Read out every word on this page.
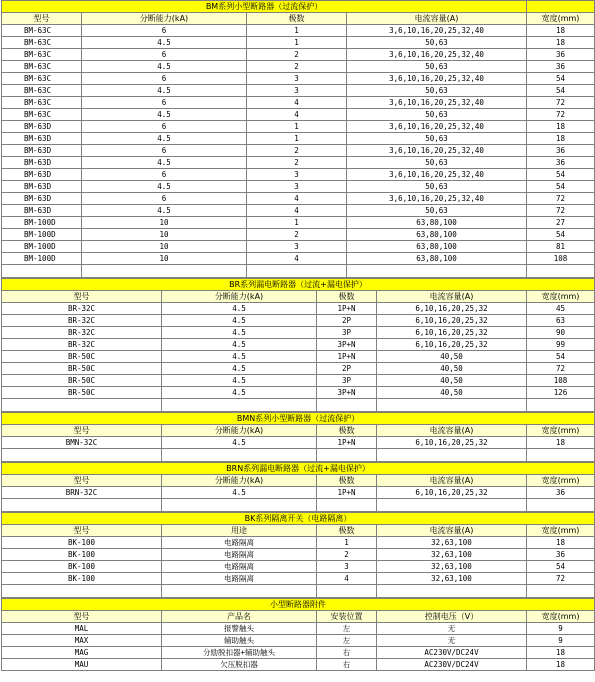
BM系列小型断路器（过流保护）				
型号	分断能力(kA)	极数	电流容量(A)	宽度(mm)
BM-63C	6	1	3,6,10,16,20,25,32,40	18
BM-63C	4.5	1	50,63	18
BM-63C	6	2	3,6,10,16,20,25,32,40	36
BM-63C	4.5	2	50,63	36
BM-63C	6	3	3,6,10,16,20,25,32,40	54
BM-63C	4.5	3	50,63	54
BM-63C	6	4	3,6,10,16,20,25,32,40	72
BM-63C	4.5	4	50,63	72
BM-63D	6	1	3,6,10,16,20,25,32,40	18
BM-63D	4.5	1	50,63	18
BM-63D	6	2	3,6,10,16,20,25,32,40	36
BM-63D	4.5	2	50,63	36
BM-63D	6	3	3,6,10,16,20,25,32,40	54
BM-63D	4.5	3	50,63	54
BM-63D	6	4	3,6,10,16,20,25,32,40	72
BM-63D	4.5	4	50,63	72
BM-100D	10	1	63,80,100	27
BM-100D	10	2	63,80,100	54
BM-100D	10	3	63,80,100	81
BM-100D	10	4	63,80,100	108

BR系列漏电断路器（过流+漏电保护）				
型号	分断能力(kA)	极数	电流容量(A)	宽度(mm)
BR-32C	4.5	1P+N	6,10,16,20,25,32	45
BR-32C	4.5	2P	6,10,16,20,25,32	63
BR-32C	4.5	3P	6,10,16,20,25,32	90
BR-32C	4.5	3P+N	6,10,16,20,25,32	99
BR-50C	4.5	1P+N	40,50	54
BR-50C	4.5	2P	40,50	72
BR-50C	4.5	3P	40,50	108
BR-50C	4.5	3P+N	40,50	126

BMN系列小型断路器（过流保护）				
型号	分断能力(kA)	极数	电流容量(A)	宽度(mm)
BMN-32C	4.5	1P+N	6,10,16,20,25,32	18

BRN系列漏电断路器（过流+漏电保护）				
型号	分断能力(kA)	极数	电流容量(A)	宽度(mm)
BRN-32C	4.5	1P+N	6,10,16,20,25,32	36

BK系列隔离开关（电路隔离）				
型号	用途	极数	电流容量(A)	宽度(mm)
BK-100	电路隔离	1	32,63,100	18
BK-100	电路隔离	2	32,63,100	36
BK-100	电路隔离	3	32,63,100	54
BK-100	电路隔离	4	32,63,100	72

小型断路器附件				
型号	产品名	安装位置	控制电压（V）	宽度(mm)
MAL	报警触头	左	无	9
MAX	辅助触头	左	无	9
MAG	分励脱扣器+辅助触头	右	AC230V/DC24V	18
MAU	欠压脱扣器	右	AC230V/DC24V	18
